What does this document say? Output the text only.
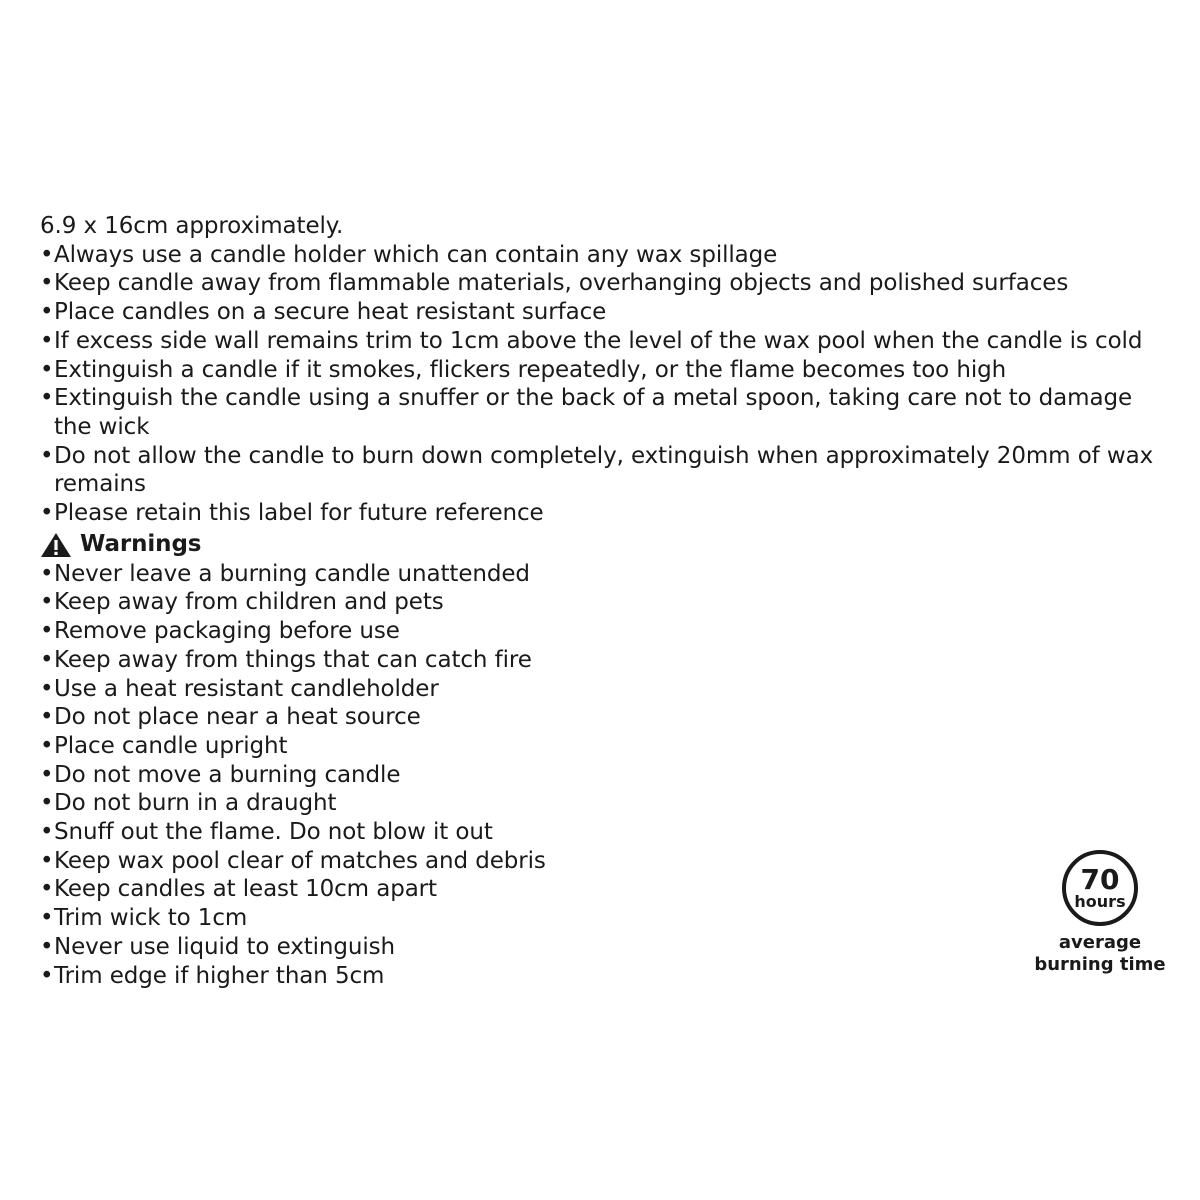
6.9 x 16cm approximately.

• Always use a candle holder which can contain any wax spillage
• Keep candle away from flammable materials, overhanging objects and polished surfaces
• Place candles on a secure heat resistant surface
• If excess side wall remains trim to 1cm above the level of the wax pool when the candle is cold
• Extinguish a candle if it smokes, flickers repeatedly, or the flame becomes too high
• Extinguish the candle using a snuffer or the back of a metal spoon, taking care not to damage the wick
• Do not allow the candle to burn down completely, extinguish when approximately 20mm of wax remains
• Please retain this label for future reference
Warnings
• Never leave a burning candle unattended
• Keep away from children and pets
• Remove packaging before use
• Keep away from things that can catch fire
• Use a heat resistant candleholder
• Do not place near a heat source
• Place candle upright
• Do not move a burning candle
• Do not burn in a draught
• Snuff out the flame. Do not blow it out
• Keep wax pool clear of matches and debris
• Keep candles at least 10cm apart
• Trim wick to 1cm
• Never use liquid to extinguish
• Trim edge if higher than 5cm
70
hours
average
burning time
